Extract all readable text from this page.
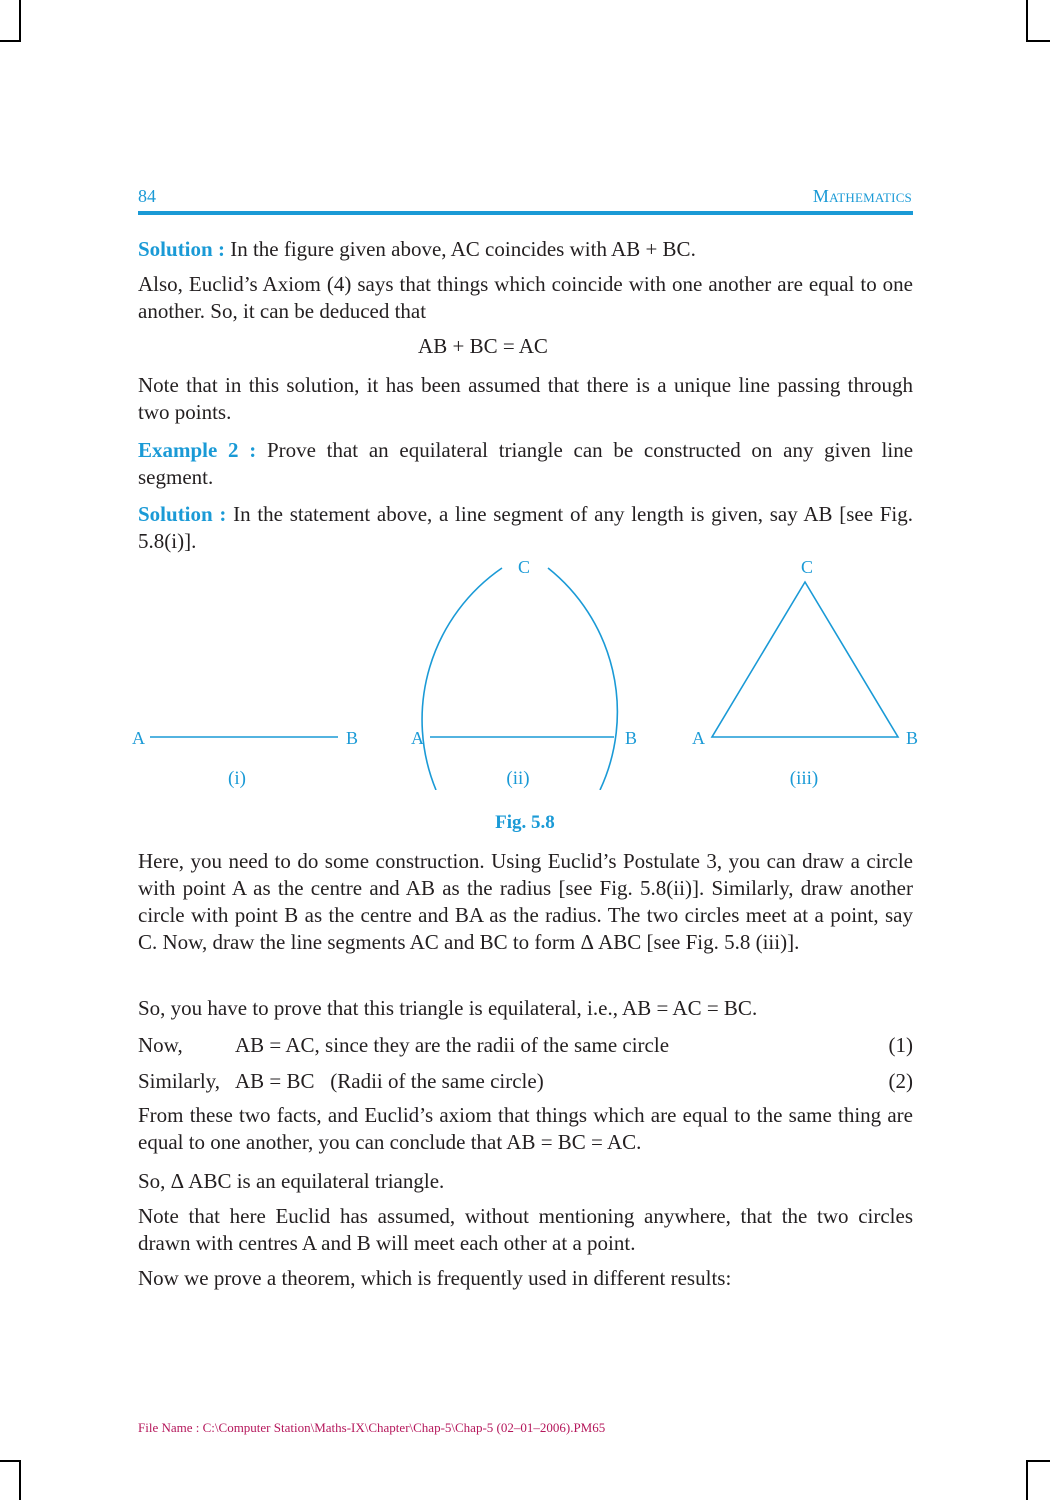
84	Mathematics
Solution : In the figure given above, AC coincides with AB + BC.
Also, Euclid’s Axiom (4) says that things which coincide with one another are equal to one another. So, it can be deduced that
AB + BC = AC
Note that in this solution, it has been assumed that there is a unique line passing through two points.
Example 2 : Prove that an equilateral triangle can be constructed on any given line segment.
Solution : In the statement above, a line segment of any length is given, say AB [see Fig. 5.8(i)].
A	B
(i)
A	B
C
(ii)
A	B
C
(iii)
Fig. 5.8
Here, you need to do some construction. Using Euclid’s Postulate 3, you can draw a circle with point A as the centre and AB as the radius [see Fig. 5.8(ii)]. Similarly, draw another circle with point B as the centre and BA as the radius. The two circles meet at a point, say C. Now, draw the line segments AC and BC to form Δ ABC [see Fig. 5.8 (iii)].
So, you have to prove that this triangle is equilateral, i.e., AB = AC = BC.
Now, AB = AC, since they are the radii of the same circle	(1)
Similarly, AB = BC   (Radii of the same circle)	(2)
From these two facts, and Euclid’s axiom that things which are equal to the same thing are equal to one another, you can conclude that AB = BC = AC.
So, Δ ABC is an equilateral triangle.
Note that here Euclid has assumed, without mentioning anywhere, that the two circles drawn with centres A and B will meet each other at a point.
Now we prove a theorem, which is frequently used in different results:
File Name : C:\Computer Station\Maths-IX\Chapter\Chap-5\Chap-5 (02–01–2006).PM65
